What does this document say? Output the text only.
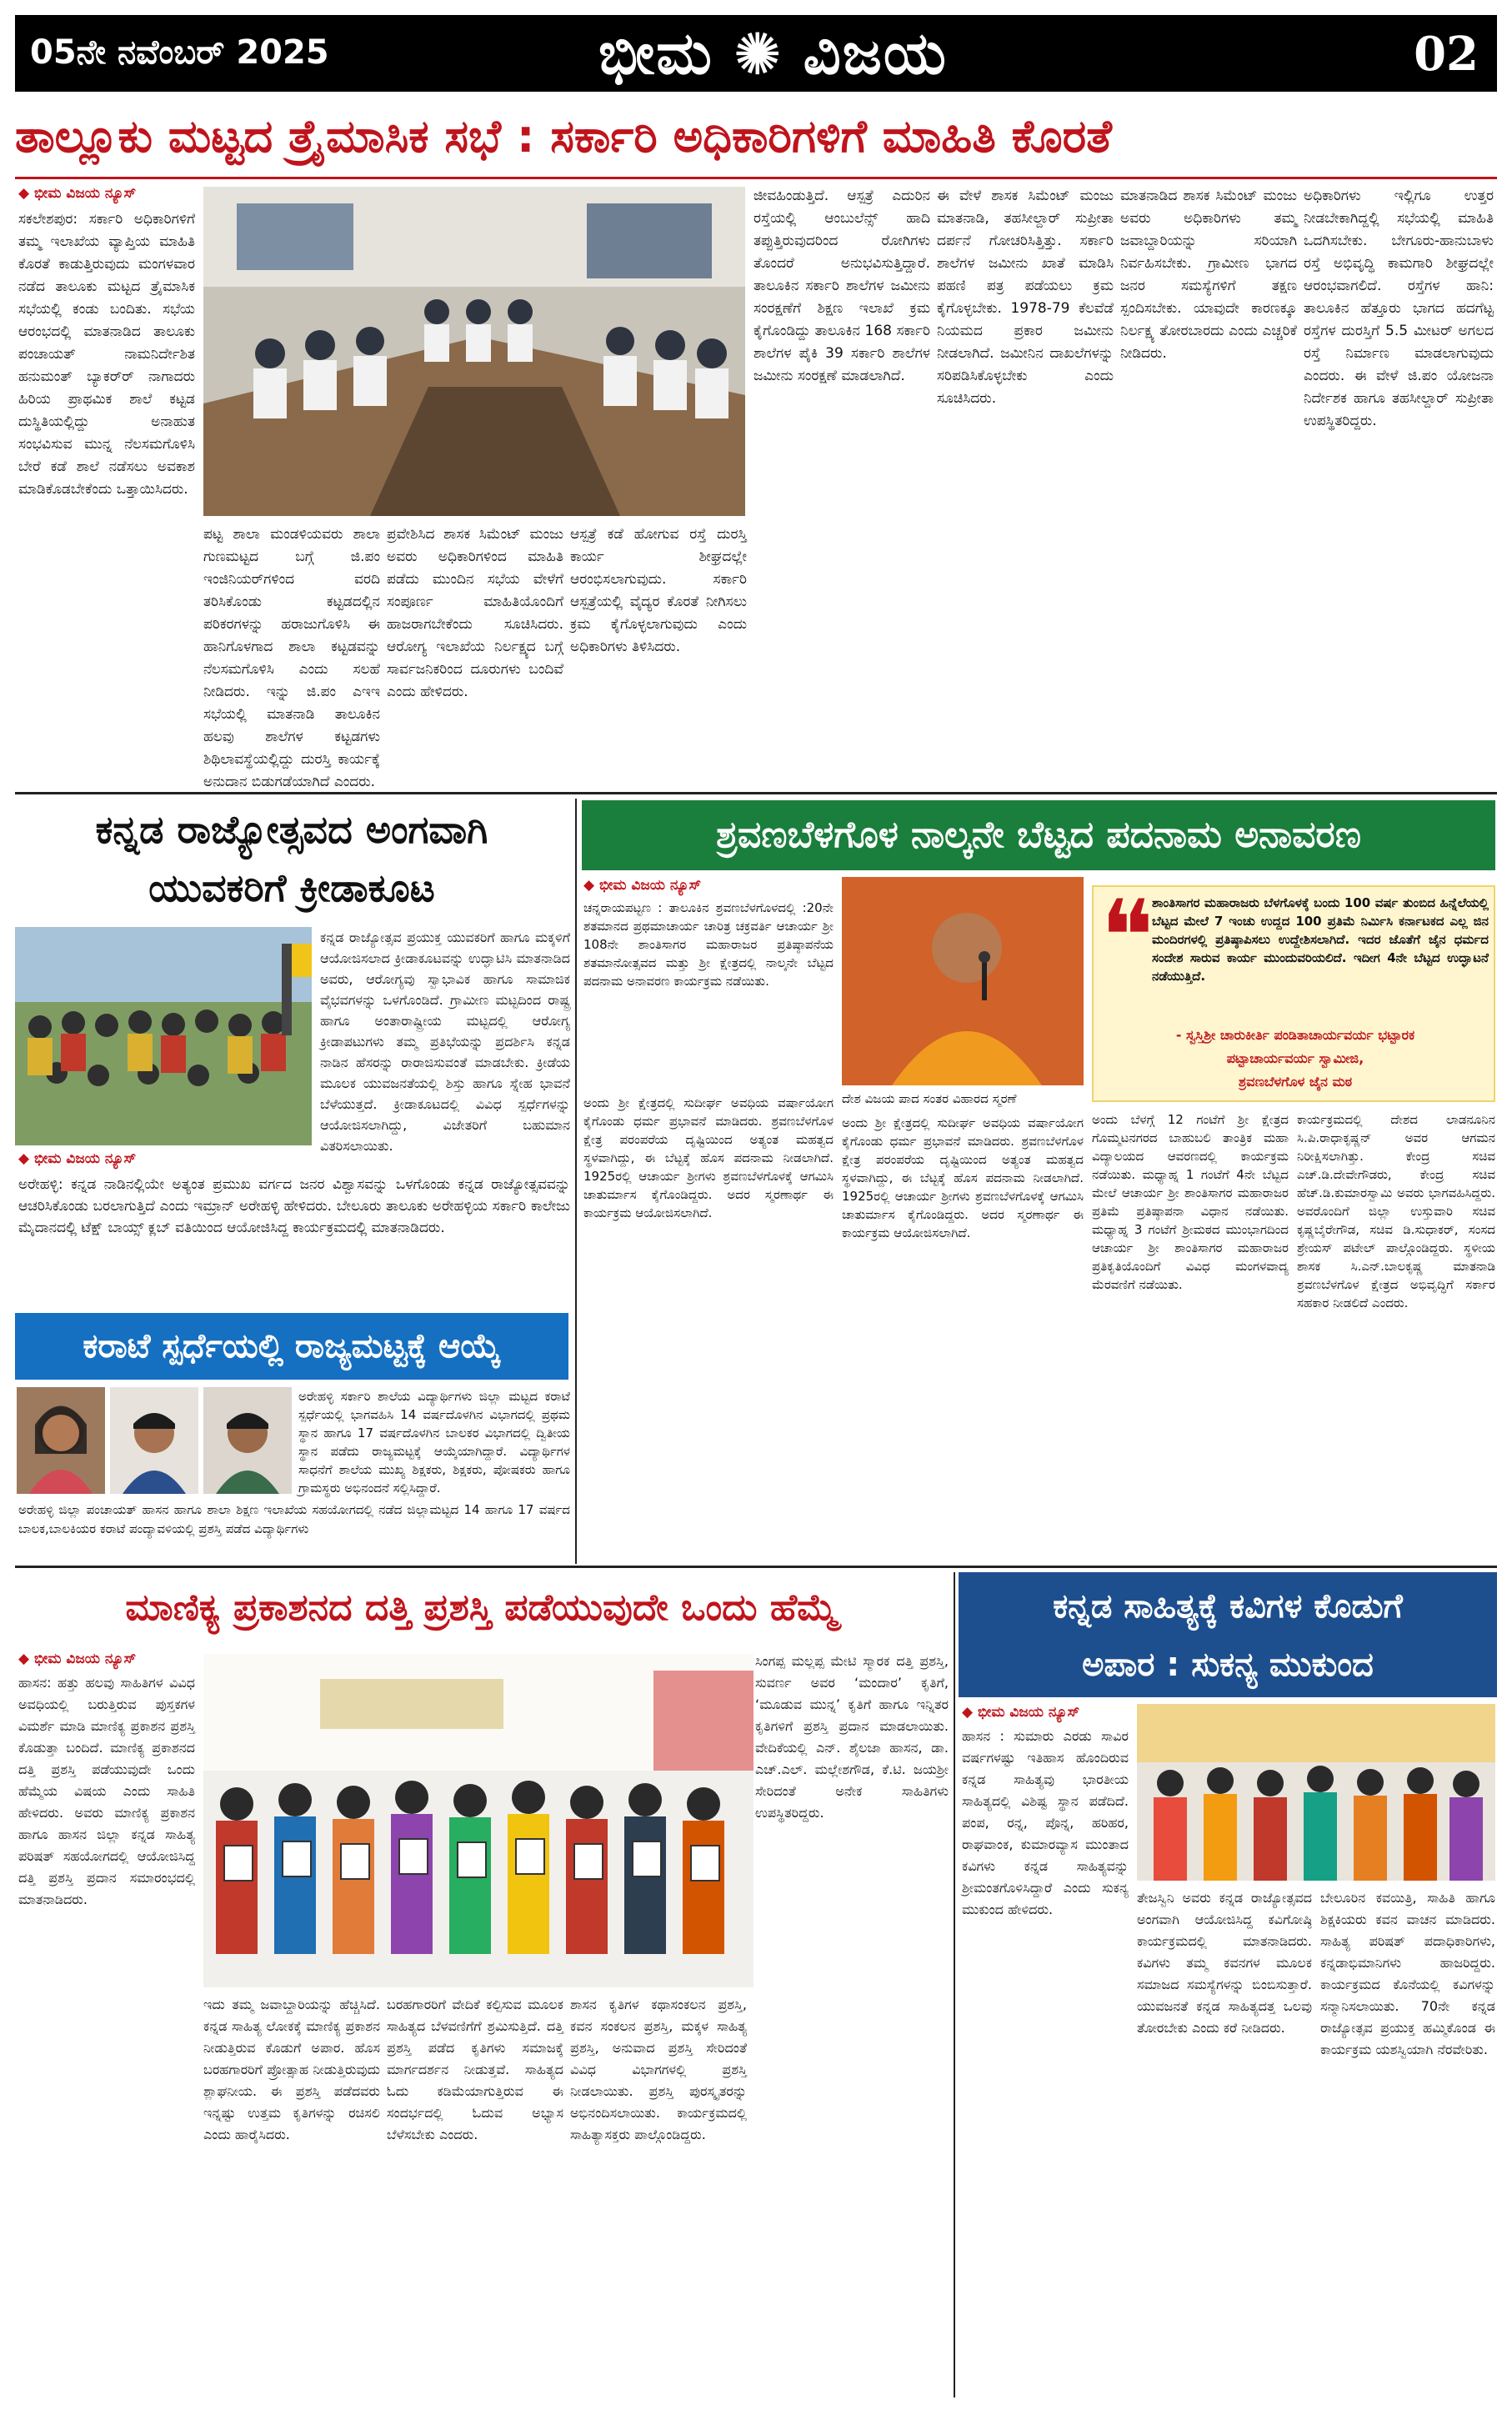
05ನೇ ನವೆಂಬರ್ 2025	ಭೀಮ ✺ ವಿಜಯ	02
ತಾಲ್ಲೂಕು ಮಟ್ಟದ ತ್ರೈಮಾಸಿಕ ಸಭೆ : ಸರ್ಕಾರಿ ಅಧಿಕಾರಿಗಳಿಗೆ ಮಾಹಿತಿ ಕೊರತೆ
◆ ಭೀಮ ವಿಜಯ ನ್ಯೂಸ್

ಸಕಲೇಶಪುರ: ಸರ್ಕಾರಿ ಅಧಿಕಾರಿಗಳಿಗೆ ತಮ್ಮ ಇಲಾಖೆಯ ವ್ಯಾಪ್ತಿಯ ಮಾಹಿತಿ ಕೊರತೆ ಕಾಡುತ್ತಿರುವುದು ಮಂಗಳವಾರ ನಡೆದ ತಾಲೂಕು ಮಟ್ಟದ ತ್ರೈಮಾಸಿಕ ಸಭೆಯಲ್ಲಿ ಕಂಡು ಬಂದಿತು. ಸಭೆಯ ಆರಂಭದಲ್ಲಿ ಮಾತನಾಡಿದ ತಾಲೂಕು ಪಂಚಾಯತ್ ನಾಮನಿರ್ದೇಶಿತ ಹನುಮಂತ್ ಬ್ಯಾಕರ್‌ರ್ ನಾಗಾದರು ಹಿರಿಯ ಪ್ರಾಥಮಿಕ ಶಾಲೆ ಕಟ್ಟಡ ದುಸ್ಥಿತಿಯಲ್ಲಿದ್ದು ಅನಾಹುತ ಸಂಭವಿಸುವ ಮುನ್ನ ನೆಲಸಮಗೊಳಿಸಿ ಬೇರೆ ಕಡೆ ಶಾಲೆ ನಡೆಸಲು ಅವಕಾಶ ಮಾಡಿಕೊಡಬೇಕೆಂದು ಒತ್ತಾಯಿಸಿದರು.

ಪಟ್ಟ ಶಾಲಾ ಮಂಡಳಿಯವರು ಶಾಲಾ ಗುಣಮಟ್ಟದ ಬಗ್ಗೆ ಜಿ.ಪಂ ಇಂಜಿನಿಯರ್‌ಗಳಿಂದ ವರದಿ ತರಿಸಿಕೊಂಡು ಕಟ್ಟಡದಲ್ಲಿನ ಪರಿಕರಗಳನ್ನು ಹರಾಜುಗೊಳಿಸಿ ಈ ಹಾನಿಗೊಳಗಾದ ಶಾಲಾ ಕಟ್ಟಡವನ್ನು ನೆಲಸಮಗೊಳಿಸಿ ಎಂದು ಸಲಹೆ ನೀಡಿದರು. ಇನ್ನು ಜಿ.ಪಂ ಎಇಇ ಸಭೆಯಲ್ಲಿ ಮಾತನಾಡಿ ತಾಲೂಕಿನ ಹಲವು ಶಾಲೆಗಳ ಕಟ್ಟಡಗಳು ಶಿಥಿಲಾವಸ್ಥೆಯಲ್ಲಿದ್ದು ದುರಸ್ತಿ ಕಾರ್ಯಕ್ಕೆ ಅನುದಾನ ಬಿಡುಗಡೆಯಾಗಿದೆ ಎಂದರು.

ಪ್ರವೇಶಿಸಿದ ಶಾಸಕ ಸಿಮೆಂಟ್ ಮಂಜು ಅವರು ಅಧಿಕಾರಿಗಳಿಂದ ಮಾಹಿತಿ ಪಡೆದು ಮುಂದಿನ ಸಭೆಯ ವೇಳೆಗೆ ಸಂಪೂರ್ಣ ಮಾಹಿತಿಯೊಂದಿಗೆ ಹಾಜರಾಗಬೇಕೆಂದು ಸೂಚಿಸಿದರು. ಆರೋಗ್ಯ ಇಲಾಖೆಯ ನಿರ್ಲಕ್ಷ್ಯದ ಬಗ್ಗೆ ಸಾರ್ವಜನಿಕರಿಂದ ದೂರುಗಳು ಬಂದಿವೆ ಎಂದು ಹೇಳಿದರು.

ಆಸ್ಪತ್ರೆ ಕಡೆ ಹೋಗುವ ರಸ್ತೆ ದುರಸ್ತಿ ಕಾರ್ಯ ಶೀಘ್ರದಲ್ಲೇ ಆರಂಭಿಸಲಾಗುವುದು. ಸರ್ಕಾರಿ ಆಸ್ಪತ್ರೆಯಲ್ಲಿ ವೈದ್ಯರ ಕೊರತೆ ನೀಗಿಸಲು ಕ್ರಮ ಕೈಗೊಳ್ಳಲಾಗುವುದು ಎಂದು ಅಧಿಕಾರಿಗಳು ತಿಳಿಸಿದರು.

ಜೀವಹಿಂಡುತ್ತಿದೆ. ಆಸ್ಪತ್ರೆ ಎದುರಿನ ರಸ್ತೆಯಲ್ಲಿ ಆಂಬುಲೆನ್ಸ್ ಹಾದಿ ತಪ್ಪುತ್ತಿರುವುದರಿಂದ ರೋಗಿಗಳು ತೊಂದರೆ ಅನುಭವಿಸುತ್ತಿದ್ದಾರೆ. ತಾಲೂಕಿನ ಸರ್ಕಾರಿ ಶಾಲೆಗಳ ಜಮೀನು ಸಂರಕ್ಷಣೆಗೆ ಶಿಕ್ಷಣ ಇಲಾಖೆ ಕ್ರಮ ಕೈಗೊಂಡಿದ್ದು ತಾಲೂಕಿನ 168 ಸರ್ಕಾರಿ ಶಾಲೆಗಳ ಪೈಕಿ 39 ಸರ್ಕಾರಿ ಶಾಲೆಗಳ ಜಮೀನು ಸಂರಕ್ಷಣೆ ಮಾಡಲಾಗಿದೆ.

ಈ ವೇಳೆ ಶಾಸಕ ಸಿಮೆಂಟ್ ಮಂಜು ಮಾತನಾಡಿ, ತಹಸೀಲ್ದಾರ್ ಸುಪ್ರೀತಾ ದರ್ಪನೆ ಗೋಚರಿಸಿತ್ತಿತ್ತು. ಸರ್ಕಾರಿ ಶಾಲೆಗಳ ಜಮೀನು ಖಾತೆ ಮಾಡಿಸಿ ಪಹಣಿ ಪತ್ರ ಪಡೆಯಲು ಕ್ರಮ ಕೈಗೊಳ್ಳಬೇಕು. 1978-79 ಕೆಲವೆಡೆ ನಿಯಮದ ಪ್ರಕಾರ ಜಮೀನು ನೀಡಲಾಗಿದೆ. ಜಮೀನಿನ ದಾಖಲೆಗಳನ್ನು ಸರಿಪಡಿಸಿಕೊಳ್ಳಬೇಕು ಎಂದು ಸೂಚಿಸಿದರು.

ಮಾತನಾಡಿದ ಶಾಸಕ ಸಿಮೆಂಟ್ ಮಂಜು ಅವರು ಅಧಿಕಾರಿಗಳು ತಮ್ಮ ಜವಾಬ್ದಾರಿಯನ್ನು ಸರಿಯಾಗಿ ನಿರ್ವಹಿಸಬೇಕು. ಗ್ರಾಮೀಣ ಭಾಗದ ಜನರ ಸಮಸ್ಯೆಗಳಿಗೆ ತಕ್ಷಣ ಸ್ಪಂದಿಸಬೇಕು. ಯಾವುದೇ ಕಾರಣಕ್ಕೂ ನಿರ್ಲಕ್ಷ್ಯ ತೋರಬಾರದು ಎಂದು ಎಚ್ಚರಿಕೆ ನೀಡಿದರು.

ಅಧಿಕಾರಿಗಳು ಇಲ್ಲಿಗೂ ಉತ್ತರ ನೀಡಬೇಕಾಗಿದ್ದಲ್ಲಿ ಸಭೆಯಲ್ಲಿ ಮಾಹಿತಿ ಒದಗಿಸಬೇಕು. ಬೇಗೂರು-ಹಾನುಬಾಳು ರಸ್ತೆ ಅಭಿವೃದ್ಧಿ ಕಾಮಗಾರಿ ಶೀಘ್ರದಲ್ಲೇ ಆರಂಭವಾಗಲಿದೆ. ರಸ್ತೆಗಳ ಹಾನಿ: ತಾಲೂಕಿನ ಹೆತ್ತೂರು ಭಾಗದ ಹದಗೆಟ್ಟ ರಸ್ತೆಗಳ ದುರಸ್ತಿಗೆ 5.5 ಮೀಟರ್ ಅಗಲದ ರಸ್ತೆ ನಿರ್ಮಾಣ ಮಾಡಲಾಗುವುದು ಎಂದರು. ಈ ವೇಳೆ ಜಿ.ಪಂ ಯೋಜನಾ ನಿರ್ದೇಶಕ ಹಾಗೂ ತಹಸೀಲ್ದಾರ್ ಸುಪ್ರೀತಾ ಉಪಸ್ಥಿತರಿದ್ದರು.

ಕನ್ನಡ ರಾಜ್ಯೋತ್ಸವದ ಅಂಗವಾಗಿ
ಯುವಕರಿಗೆ ಕ್ರೀಡಾಕೂಟ

ಕನ್ನಡ ರಾಜ್ಯೋತ್ಸವ ಪ್ರಯುಕ್ತ ಯುವಕರಿಗೆ ಹಾಗೂ ಮಕ್ಕಳಿಗೆ ಆಯೋಜಿಸಲಾದ ಕ್ರೀಡಾಕೂಟವನ್ನು ಉದ್ಘಾಟಿಸಿ ಮಾತನಾಡಿದ ಅವರು, ಆರೋಗ್ಯವು ಸ್ವಾಭಾವಿಕ ಹಾಗೂ ಸಾಮಾಜಿಕ ವೈಭವಗಳನ್ನು ಒಳಗೊಂಡಿದೆ. ಗ್ರಾಮೀಣ ಮಟ್ಟದಿಂದ ರಾಷ್ಟ್ರ ಹಾಗೂ ಅಂತಾರಾಷ್ಟ್ರೀಯ ಮಟ್ಟದಲ್ಲಿ ಆರೋಗ್ಯ ಕ್ರೀಡಾಪಟುಗಳು ತಮ್ಮ ಪ್ರತಿಭೆಯನ್ನು ಪ್ರದರ್ಶಿಸಿ ಕನ್ನಡ ನಾಡಿನ ಹೆಸರನ್ನು ರಾರಾಜಿಸುವಂತೆ ಮಾಡಬೇಕು. ಕ್ರೀಡೆಯ ಮೂಲಕ ಯುವಜನತೆಯಲ್ಲಿ ಶಿಸ್ತು ಹಾಗೂ ಸ್ನೇಹ ಭಾವನೆ ಬೆಳೆಯುತ್ತದೆ. ಕ್ರೀಡಾಕೂಟದಲ್ಲಿ ವಿವಿಧ ಸ್ಪರ್ಧೆಗಳನ್ನು ಆಯೋಜಿಸಲಾಗಿದ್ದು, ವಿಜೇತರಿಗೆ ಬಹುಮಾನ ವಿತರಿಸಲಾಯಿತು.

◆ ಭೀಮ ವಿಜಯ ನ್ಯೂಸ್

ಅರೇಹಳ್ಳಿ: ಕನ್ನಡ ನಾಡಿನಲ್ಲಿಯೇ ಅತ್ಯಂತ ಪ್ರಮುಖ ವರ್ಗದ ಜನರ ವಿಶ್ವಾಸವನ್ನು ಒಳಗೊಂಡು ಕನ್ನಡ ರಾಜ್ಯೋತ್ಸವವನ್ನು ಆಚರಿಸಿಕೊಂಡು ಬರಲಾಗುತ್ತಿದೆ ಎಂದು ಇಮ್ರಾನ್ ಅರೇಹಳ್ಳಿ ಹೇಳಿದರು. ಬೇಲೂರು ತಾಲೂಕು ಅರೇಹಳ್ಳಿಯ ಸರ್ಕಾರಿ ಕಾಲೇಜು ಮೈದಾನದಲ್ಲಿ ಟೆಕ್ಷ್ ಬಾಯ್ಸ್ ಕ್ಲಬ್ ವತಿಯಿಂದ ಆಯೋಜಿಸಿದ್ದ ಕಾರ್ಯಕ್ರಮದಲ್ಲಿ ಮಾತನಾಡಿದರು.

ಕರಾಟೆ ಸ್ಪರ್ಧೆಯಲ್ಲಿ ರಾಜ್ಯಮಟ್ಟಕ್ಕೆ ಆಯ್ಕೆ

ಅರೇಹಳ್ಳಿ ಸರ್ಕಾರಿ ಶಾಲೆಯ ವಿದ್ಯಾರ್ಥಿಗಳು ಜಿಲ್ಲಾ ಮಟ್ಟದ ಕರಾಟೆ ಸ್ಪರ್ಧೆಯಲ್ಲಿ ಭಾಗವಹಿಸಿ 14 ವರ್ಷದೊಳಗಿನ ವಿಭಾಗದಲ್ಲಿ ಪ್ರಥಮ ಸ್ಥಾನ ಹಾಗೂ 17 ವರ್ಷದೊಳಗಿನ ಬಾಲಕರ ವಿಭಾಗದಲ್ಲಿ ದ್ವಿತೀಯ ಸ್ಥಾನ ಪಡೆದು ರಾಜ್ಯಮಟ್ಟಕ್ಕೆ ಆಯ್ಕೆಯಾಗಿದ್ದಾರೆ. ವಿದ್ಯಾರ್ಥಿಗಳ ಸಾಧನೆಗೆ ಶಾಲೆಯ ಮುಖ್ಯ ಶಿಕ್ಷಕರು, ಶಿಕ್ಷಕರು, ಪೋಷಕರು ಹಾಗೂ ಗ್ರಾಮಸ್ಥರು ಅಭಿನಂದನೆ ಸಲ್ಲಿಸಿದ್ದಾರೆ.

ಅರೇಹಳ್ಳಿ ಜಿಲ್ಲಾ ಪಂಚಾಯತ್ ಹಾಸನ ಹಾಗೂ ಶಾಲಾ ಶಿಕ್ಷಣ ಇಲಾಖೆಯ ಸಹಯೋಗದಲ್ಲಿ ನಡೆದ ಜಿಲ್ಲಾಮಟ್ಟದ 14 ಹಾಗೂ 17 ವರ್ಷದ ಬಾಲಕ,ಬಾಲಕಿಯರ ಕರಾಟೆ ಪಂದ್ಯಾವಳಿಯಲ್ಲಿ ಪ್ರಶಸ್ತಿ ಪಡೆದ ವಿದ್ಯಾರ್ಥಿಗಳು

ಶ್ರವಣಬೆಳಗೊಳ ನಾಲ್ಕನೇ ಬೆಟ್ಟದ ಪದನಾಮ ಅನಾವರಣ
◆ ಭೀಮ ವಿಜಯ ನ್ಯೂಸ್

ಚನ್ನರಾಯಪಟ್ಟಣ : ತಾಲೂಕಿನ ಶ್ರವಣಬೆಳಗೊಳದಲ್ಲಿ :20ನೇ ಶತಮಾನದ ಪ್ರಥಮಾಚಾರ್ಯ ಚಾರಿತ್ರ ಚಕ್ರವರ್ತಿ ಆಚಾರ್ಯ ಶ್ರೀ 108ನೇ ಶಾಂತಿಸಾಗರ ಮಹಾರಾಜರ ಪ್ರತಿಷ್ಠಾಪನೆಯ ಶತಮಾನೋತ್ಸವದ ಮತ್ತು ಶ್ರೀ ಕ್ಷೇತ್ರದಲ್ಲಿ ನಾಲ್ಕನೇ ಬೆಟ್ಟದ ಪದನಾಮ ಅನಾವರಣ ಕಾರ್ಯಕ್ರಮ ನಡೆಯಿತು.

ದೇಶ ವಿಜಯ ಪಾದ ಸಂತರ ವಿಹಾರದ ಸ್ಮರಣೆ

❝

ಶಾಂತಿಸಾಗರ ಮಹಾರಾಜರು ಬೆಳಗೊಳಕ್ಕೆ ಬಂದು 100 ವರ್ಷ ತುಂಬಿದ ಹಿನ್ನೆಲೆಯಲ್ಲಿ ಬೆಟ್ಟದ ಮೇಲೆ 7 ಇಂಚು ಉದ್ದದ 100 ಪ್ರತಿಮೆ ನಿರ್ಮಿಸಿ ಕರ್ನಾಟಕದ ಎಲ್ಲ ಜಿನ ಮಂದಿರಗಳಲ್ಲಿ ಪ್ರತಿಷ್ಠಾಪಿಸಲು ಉದ್ದೇಶಿಸಲಾಗಿದೆ. ಇದರ ಜೊತೆಗೆ ಜೈನ ಧರ್ಮದ ಸಂದೇಶ ಸಾರುವ ಕಾರ್ಯ ಮುಂದುವರಿಯಲಿದೆ. ಇದೀಗ 4ನೇ ಬೆಟ್ಟದ ಉದ್ಘಾಟನೆ ನಡೆಯುತ್ತಿದೆ.

- ಸ್ವಸ್ತಿಶ್ರೀ ಚಾರುಕೀರ್ತಿ ಪಂಡಿತಾಚಾರ್ಯವರ್ಯ ಭಟ್ಟಾರಕ
ಪಟ್ಟಾಚಾರ್ಯವರ್ಯ ಸ್ವಾಮೀಜಿ,
ಶ್ರವಣಬೆಳಗೊಳ ಜೈನ ಮಠ

ಅಂದು ಶ್ರೀ ಕ್ಷೇತ್ರದಲ್ಲಿ ಸುದೀರ್ಘ ಅವಧಿಯ ವರ್ಷಾಯೋಗ ಕೈಗೊಂಡು ಧರ್ಮ ಪ್ರಭಾವನೆ ಮಾಡಿದರು. ಶ್ರವಣಬೆಳಗೊಳ ಕ್ಷೇತ್ರ ಪರಂಪರೆಯ ದೃಷ್ಟಿಯಿಂದ ಅತ್ಯಂತ ಮಹತ್ವದ ಸ್ಥಳವಾಗಿದ್ದು, ಈ ಬೆಟ್ಟಕ್ಕೆ ಹೊಸ ಪದನಾಮ ನೀಡಲಾಗಿದೆ. 1925ರಲ್ಲಿ ಆಚಾರ್ಯ ಶ್ರೀಗಳು ಶ್ರವಣಬೆಳಗೊಳಕ್ಕೆ ಆಗಮಿಸಿ ಚಾತುರ್ಮಾಸ ಕೈಗೊಂಡಿದ್ದರು. ಅದರ ಸ್ಮರಣಾರ್ಥ ಈ ಕಾರ್ಯಕ್ರಮ ಆಯೋಜಿಸಲಾಗಿದೆ.

ಅಂದು ಶ್ರೀ ಕ್ಷೇತ್ರದಲ್ಲಿ ಸುದೀರ್ಘ ಅವಧಿಯ ವರ್ಷಾಯೋಗ ಕೈಗೊಂಡು ಧರ್ಮ ಪ್ರಭಾವನೆ ಮಾಡಿದರು. ಶ್ರವಣಬೆಳಗೊಳ ಕ್ಷೇತ್ರ ಪರಂಪರೆಯ ದೃಷ್ಟಿಯಿಂದ ಅತ್ಯಂತ ಮಹತ್ವದ ಸ್ಥಳವಾಗಿದ್ದು, ಈ ಬೆಟ್ಟಕ್ಕೆ ಹೊಸ ಪದನಾಮ ನೀಡಲಾಗಿದೆ. 1925ರಲ್ಲಿ ಆಚಾರ್ಯ ಶ್ರೀಗಳು ಶ್ರವಣಬೆಳಗೊಳಕ್ಕೆ ಆಗಮಿಸಿ ಚಾತುರ್ಮಾಸ ಕೈಗೊಂಡಿದ್ದರು. ಅದರ ಸ್ಮರಣಾರ್ಥ ಈ ಕಾರ್ಯಕ್ರಮ ಆಯೋಜಿಸಲಾಗಿದೆ.

ಅಂದು ಬೆಳಗ್ಗೆ 12 ಗಂಟೆಗೆ ಶ್ರೀ ಕ್ಷೇತ್ರದ ಗೊಮ್ಮಟನಗರದ ಬಾಹುಬಲಿ ತಾಂತ್ರಿಕ ಮಹಾ ವಿದ್ಯಾಲಯದ ಆವರಣದಲ್ಲಿ ಕಾರ್ಯಕ್ರಮ ನಡೆಯಿತು. ಮಧ್ಯಾಹ್ನ 1 ಗಂಟೆಗೆ 4ನೇ ಬೆಟ್ಟದ ಮೇಲೆ ಆಚಾರ್ಯ ಶ್ರೀ ಶಾಂತಿಸಾಗರ ಮಹಾರಾಜರ ಪ್ರತಿಮೆ ಪ್ರತಿಷ್ಠಾಪನಾ ವಿಧಾನ ನಡೆಯಿತು. ಮಧ್ಯಾಹ್ನ 3 ಗಂಟೆಗೆ ಶ್ರೀಮಠದ ಮುಂಭಾಗದಿಂದ ಆಚಾರ್ಯ ಶ್ರೀ ಶಾಂತಿಸಾಗರ ಮಹಾರಾಜರ ಪ್ರತಿಕೃತಿಯೊಂದಿಗೆ ವಿವಿಧ ಮಂಗಳವಾದ್ಯ ಮೆರವಣಿಗೆ ನಡೆಯಿತು.

ಕಾರ್ಯಕ್ರಮದಲ್ಲಿ ದೇಶದ ಲಾಡನೂನಿನ ಸಿ.ಪಿ.ರಾಧಾಕೃಷ್ಣನ್ ಅವರ ಆಗಮನ ನಿರೀಕ್ಷಿಸಲಾಗಿತ್ತು. ಕೇಂದ್ರ ಸಚಿವ ಎಚ್.ಡಿ.ದೇವೇಗೌಡರು, ಕೇಂದ್ರ ಸಚಿವ ಹೆಚ್.ಡಿ.ಕುಮಾರಸ್ವಾಮಿ ಅವರು ಭಾಗವಹಿಸಿದ್ದರು. ಅವರೊಂದಿಗೆ ಜಿಲ್ಲಾ ಉಸ್ತುವಾರಿ ಸಚಿವ ಕೃಷ್ಣಬೈರೇಗೌಡ, ಸಚಿವ ಡಿ.ಸುಧಾಕರ್, ಸಂಸದ ಶ್ರೇಯಸ್ ಪಟೇಲ್ ಪಾಲ್ಗೊಂಡಿದ್ದರು. ಸ್ಥಳೀಯ ಶಾಸಕ ಸಿ.ಎನ್.ಬಾಲಕೃಷ್ಣ ಮಾತನಾಡಿ ಶ್ರವಣಬೆಳಗೊಳ ಕ್ಷೇತ್ರದ ಅಭಿವೃದ್ಧಿಗೆ ಸರ್ಕಾರ ಸಹಕಾರ ನೀಡಲಿದೆ ಎಂದರು.

ಮಾಣಿಕ್ಯ ಪ್ರಕಾಶನದ ದತ್ತಿ ಪ್ರಶಸ್ತಿ ಪಡೆಯುವುದೇ ಒಂದು ಹೆಮ್ಮೆ
◆ ಭೀಮ ವಿಜಯ ನ್ಯೂಸ್

ಹಾಸನ: ಹತ್ತು ಹಲವು ಸಾಹಿತಿಗಳ ವಿವಿಧ ಅವಧಿಯಲ್ಲಿ ಬರುತ್ತಿರುವ ಪುಸ್ತಕಗಳ ವಿಮರ್ಶೆ ಮಾಡಿ ಮಾಣಿಕ್ಯ ಪ್ರಕಾಶನ ಪ್ರಶಸ್ತಿ ಕೊಡುತ್ತಾ ಬಂದಿದೆ. ಮಾಣಿಕ್ಯ ಪ್ರಕಾಶನದ ದತ್ತಿ ಪ್ರಶಸ್ತಿ ಪಡೆಯುವುದೇ ಒಂದು ಹೆಮ್ಮೆಯ ವಿಷಯ ಎಂದು ಸಾಹಿತಿ ಹೇಳಿದರು. ಅವರು ಮಾಣಿಕ್ಯ ಪ್ರಕಾಶನ ಹಾಗೂ ಹಾಸನ ಜಿಲ್ಲಾ ಕನ್ನಡ ಸಾಹಿತ್ಯ ಪರಿಷತ್ ಸಹಯೋಗದಲ್ಲಿ ಆಯೋಜಿಸಿದ್ದ ದತ್ತಿ ಪ್ರಶಸ್ತಿ ಪ್ರದಾನ ಸಮಾರಂಭದಲ್ಲಿ ಮಾತನಾಡಿದರು.

ಇದು ತಮ್ಮ ಜವಾಬ್ದಾರಿಯನ್ನು ಹೆಚ್ಚಿಸಿದೆ. ಕನ್ನಡ ಸಾಹಿತ್ಯ ಲೋಕಕ್ಕೆ ಮಾಣಿಕ್ಯ ಪ್ರಕಾಶನ ನೀಡುತ್ತಿರುವ ಕೊಡುಗೆ ಅಪಾರ. ಹೊಸ ಬರಹಗಾರರಿಗೆ ಪ್ರೋತ್ಸಾಹ ನೀಡುತ್ತಿರುವುದು ಶ್ಲಾಘನೀಯ. ಈ ಪ್ರಶಸ್ತಿ ಪಡೆದವರು ಇನ್ನಷ್ಟು ಉತ್ತಮ ಕೃತಿಗಳನ್ನು ರಚಿಸಲಿ ಎಂದು ಹಾರೈಸಿದರು.

ಬರಹಗಾರರಿಗೆ ವೇದಿಕೆ ಕಲ್ಪಿಸುವ ಮೂಲಕ ಸಾಹಿತ್ಯದ ಬೆಳವಣಿಗೆಗೆ ಶ್ರಮಿಸುತ್ತಿದೆ. ದತ್ತಿ ಪ್ರಶಸ್ತಿ ಪಡೆದ ಕೃತಿಗಳು ಸಮಾಜಕ್ಕೆ ಮಾರ್ಗದರ್ಶನ ನೀಡುತ್ತವೆ. ಸಾಹಿತ್ಯದ ಓದು ಕಡಿಮೆಯಾಗುತ್ತಿರುವ ಈ ಸಂದರ್ಭದಲ್ಲಿ ಓದುವ ಅಭ್ಯಾಸ ಬೆಳೆಸಬೇಕು ಎಂದರು.

ಶಾಸನ ಕೃತಿಗಳ ಕಥಾಸಂಕಲನ ಪ್ರಶಸ್ತಿ, ಕವನ ಸಂಕಲನ ಪ್ರಶಸ್ತಿ, ಮಕ್ಕಳ ಸಾಹಿತ್ಯ ಪ್ರಶಸ್ತಿ, ಅನುವಾದ ಪ್ರಶಸ್ತಿ ಸೇರಿದಂತೆ ವಿವಿಧ ವಿಭಾಗಗಳಲ್ಲಿ ಪ್ರಶಸ್ತಿ ನೀಡಲಾಯಿತು. ಪ್ರಶಸ್ತಿ ಪುರಸ್ಕೃತರನ್ನು ಅಭಿನಂದಿಸಲಾಯಿತು. ಕಾರ್ಯಕ್ರಮದಲ್ಲಿ ಸಾಹಿತ್ಯಾಸಕ್ತರು ಪಾಲ್ಗೊಂಡಿದ್ದರು.

ಸಿಂಗಪ್ಪ ಮಲ್ಲಪ್ಪ ಮೇಟಿ ಸ್ಮಾರಕ ದತ್ತಿ ಪ್ರಶಸ್ತಿ, ಸುವರ್ಣ ಅವರ ‘ಮಂದಾರ’ ಕೃತಿಗೆ, ‘ಮೂಡುವ ಮುನ್ನ’ ಕೃತಿಗೆ ಹಾಗೂ ಇನ್ನಿತರ ಕೃತಿಗಳಿಗೆ ಪ್ರಶಸ್ತಿ ಪ್ರದಾನ ಮಾಡಲಾಯಿತು. ವೇದಿಕೆಯಲ್ಲಿ ಎನ್. ಶೈಲಜಾ ಹಾಸನ, ಡಾ. ಎಚ್.ಎಲ್. ಮಲ್ಲೇಶಗೌಡ, ಕೆ.ಟಿ. ಜಯಶ್ರೀ ಸೇರಿದಂತೆ ಅನೇಕ ಸಾಹಿತಿಗಳು ಉಪಸ್ಥಿತರಿದ್ದರು.

ಕನ್ನಡ ಸಾಹಿತ್ಯಕ್ಕೆ ಕವಿಗಳ ಕೊಡುಗೆ
ಅಪಾರ : ಸುಕನ್ಯ ಮುಕುಂದ
◆ ಭೀಮ ವಿಜಯ ನ್ಯೂಸ್

ಹಾಸನ : ಸುಮಾರು ಎರಡು ಸಾವಿರ ವರ್ಷಗಳಷ್ಟು ಇತಿಹಾಸ ಹೊಂದಿರುವ ಕನ್ನಡ ಸಾಹಿತ್ಯವು ಭಾರತೀಯ ಸಾಹಿತ್ಯದಲ್ಲಿ ವಿಶಿಷ್ಟ ಸ್ಥಾನ ಪಡೆದಿದೆ. ಪಂಪ, ರನ್ನ, ಪೊನ್ನ, ಹರಿಹರ, ರಾಘವಾಂಕ, ಕುಮಾರವ್ಯಾಸ ಮುಂತಾದ ಕವಿಗಳು ಕನ್ನಡ ಸಾಹಿತ್ಯವನ್ನು ಶ್ರೀಮಂತಗೊಳಿಸಿದ್ದಾರೆ ಎಂದು ಸುಕನ್ಯ ಮುಕುಂದ ಹೇಳಿದರು.

ತೇಜಸ್ವಿನಿ ಅವರು ಕನ್ನಡ ರಾಜ್ಯೋತ್ಸವದ ಅಂಗವಾಗಿ ಆಯೋಜಿಸಿದ್ದ ಕವಿಗೋಷ್ಠಿ ಕಾರ್ಯಕ್ರಮದಲ್ಲಿ ಮಾತನಾಡಿದರು. ಕವಿಗಳು ತಮ್ಮ ಕವನಗಳ ಮೂಲಕ ಸಮಾಜದ ಸಮಸ್ಯೆಗಳನ್ನು ಬಿಂಬಿಸುತ್ತಾರೆ. ಯುವಜನತೆ ಕನ್ನಡ ಸಾಹಿತ್ಯದತ್ತ ಒಲವು ತೋರಬೇಕು ಎಂದು ಕರೆ ನೀಡಿದರು.

ಬೇಲೂರಿನ ಕವಯಿತ್ರಿ, ಸಾಹಿತಿ ಹಾಗೂ ಶಿಕ್ಷಕಿಯರು ಕವನ ವಾಚನ ಮಾಡಿದರು. ಸಾಹಿತ್ಯ ಪರಿಷತ್ ಪದಾಧಿಕಾರಿಗಳು, ಕನ್ನಡಾಭಿಮಾನಿಗಳು ಹಾಜರಿದ್ದರು. ಕಾರ್ಯಕ್ರಮದ ಕೊನೆಯಲ್ಲಿ ಕವಿಗಳನ್ನು ಸನ್ಮಾನಿಸಲಾಯಿತು. 70ನೇ ಕನ್ನಡ ರಾಜ್ಯೋತ್ಸವ ಪ್ರಯುಕ್ತ ಹಮ್ಮಿಕೊಂಡ ಈ ಕಾರ್ಯಕ್ರಮ ಯಶಸ್ವಿಯಾಗಿ ನೆರವೇರಿತು.
